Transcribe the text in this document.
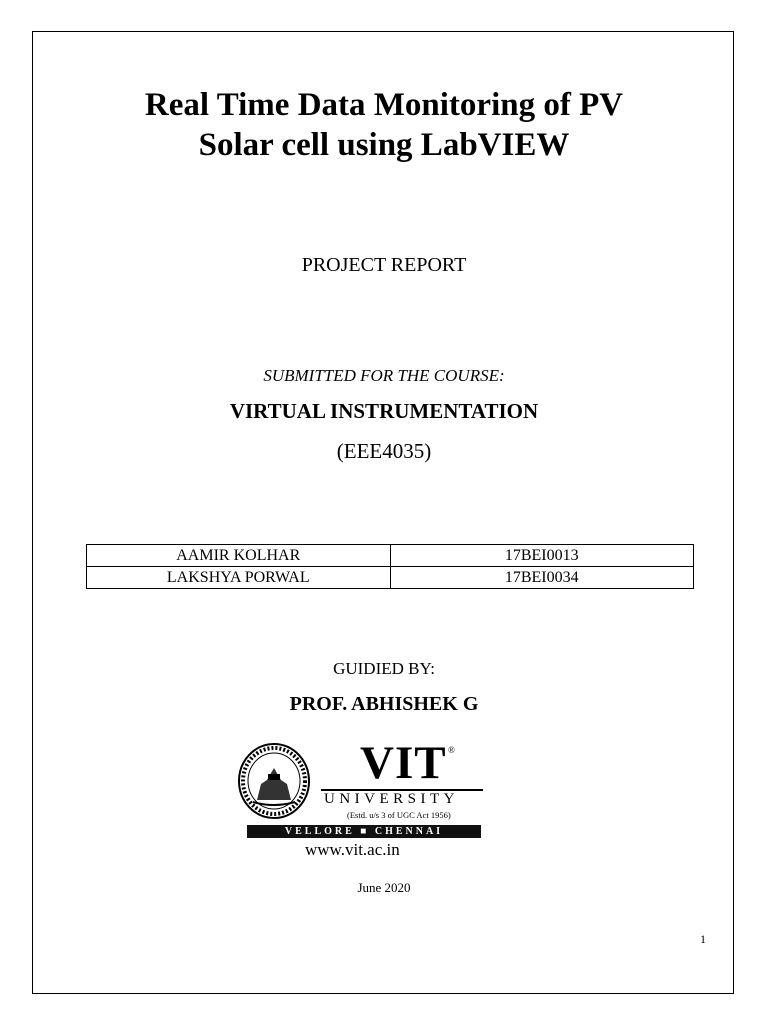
Real Time Data Monitoring of PV
Solar cell using LabVIEW
PROJECT REPORT
SUBMITTED FOR THE COURSE:
VIRTUAL INSTRUMENTATION
(EEE4035)
AAMIR KOLHAR	17BEI0013
LAKSHYA PORWAL	17BEI0034
GUIDIED BY:
PROF. ABHISHEK G
VIT ®
UNIVERSITY
(Estd. u/s 3 of UGC Act 1956)
VELLORE ■ CHENNAI
www.vit.ac.in
June 2020
1
